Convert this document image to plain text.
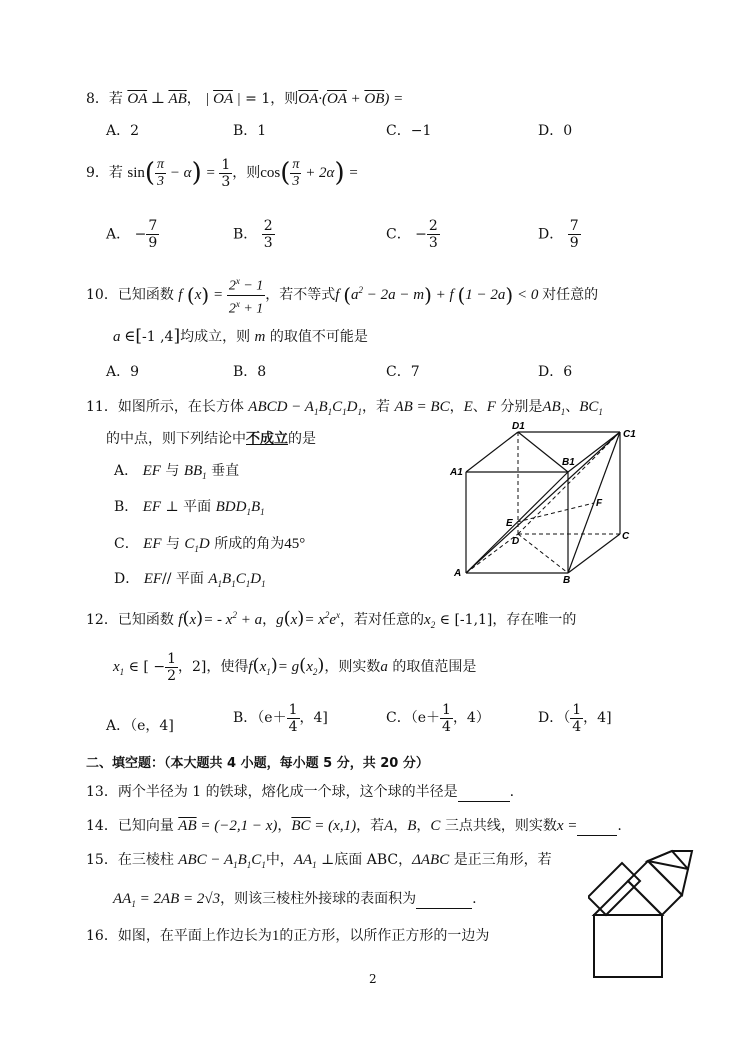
8．若 $\overline{OA}$ ⊥ $\overline{AB}$， | $\overline{OA}$ | = 1，则$\overline{OA}\cdot(\overline{OA} + \overline{OB})$ =
A．2	B．1	C．−1	D．0
9．若 $\sin( \frac{\pi}{3} - \alpha) = \frac{1}{3}$ ，则$\cos( \frac{\pi}{3} + 2\alpha)$ =
A． − $\frac{7}{9}$	B． $\frac{2}{3}$	C． − $\frac{2}{3}$	D． $\frac{7}{9}$
10．已知函数 f $(x) = \frac{2^x - 1}{2^x + 1}$ ，若不等式f $(a^2 - 2a - m) + f$ (1 − 2a) < 0 对任意的
a ∈[-1 ,4]均成立，则 m 的取值不可能是
A．9	B．8	C．7	D．6
11．如图所示，在长方体 ABCD − $A_1B_1C_1D_1$，若 AB = BC，E、F 分别是$AB_1$、$BC_1$
的中点，则下列结论中不成立的是
A． EF 与 $BB_1$ 垂直
B． EF ⊥ 平面 $BDD_1B_1$
C． EF 与 $C_1D$ 所成的角为45°
D． EF// 平面 $A_1B_1C_1D_1$
D1
C1
A1
B1
E
F
D	C
A
B
12．已知函数 $f(x)= - x^2 + a$，$g(x)= x^2e^x$，若对任意的$x_2$ ∈ [-1,1]，存在唯一的
$x_1$ ∈ [ − $\frac{1}{2}$ ，2]，使得$f(x_1)= g(x_2)$，则实数a 的取值范围是
A．（e，4]	B．（$e+ \frac{1}{4}$ ，4]	C．（$e+ \frac{1}{4}$ ，4）	D．（ $\frac{1}{4}$ ，4]
二、填空题：（本大题共 4 小题，每小题 5 分，共 20 分）
13．两个半径为 1 的铁球，熔化成一个球，这个球的半径是	.
14．已知向量 $\overline{AB} = (-2,1 - x)$，$\overline{BC} = (x,1)$，若A，B，C 三点共线，则实数x =	.
15．在三棱柱 ABC − $A_1B_1C_1$中，$AA_1$ ⊥底面 ABC，ΔABC 是正三角形，若
$AA_1 = 2AB = 2√3$，则该三棱柱外接球的表面积为	.
16．如图，在平面上作边长为1的正方形，以所作正方形的一边为
2
